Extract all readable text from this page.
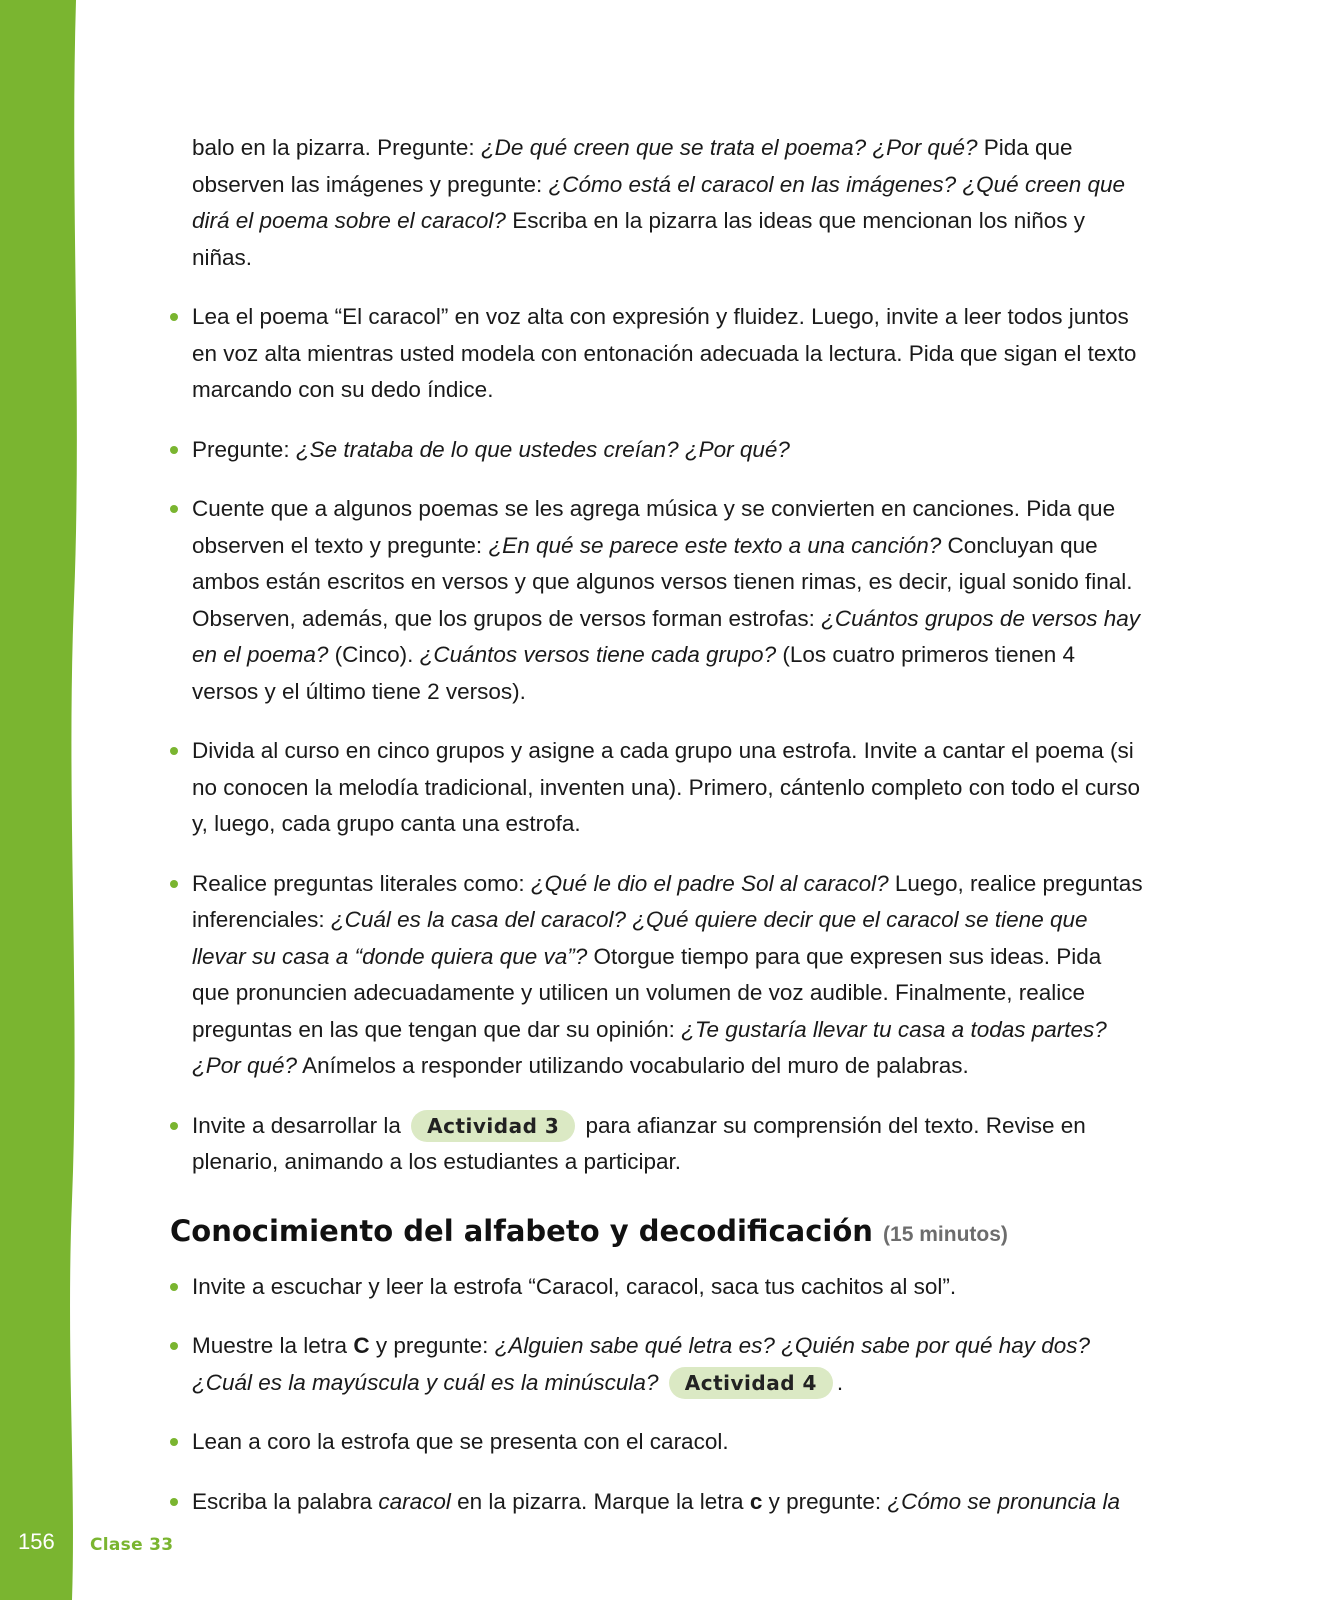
balo en la pizarra. Pregunte: ¿De qué creen que se trata el poema? ¿Por qué? Pida que observen las imágenes y pregunte: ¿Cómo está el caracol en las imágenes? ¿Qué creen que dirá el poema sobre el caracol? Escriba en la pizarra las ideas que mencionan los niños y niñas.

Lea el poema “El caracol” en voz alta con expresión y fluidez. Luego, invite a leer todos juntos en voz alta mientras usted modela con entonación adecuada la lectura. Pida que sigan el texto marcando con su dedo índice.
Pregunte: ¿Se trataba de lo que ustedes creían? ¿Por qué?
Cuente que a algunos poemas se les agrega música y se convierten en canciones. Pida que observen el texto y pregunte: ¿En qué se parece este texto a una canción? Concluyan que ambos están escritos en versos y que algunos versos tienen rimas, es decir, igual sonido final. Observen, además, que los grupos de versos forman estrofas: ¿Cuántos grupos de versos hay en el poema? (Cinco). ¿Cuántos versos tiene cada grupo? (Los cuatro primeros tienen 4 versos y el último tiene 2 versos).
Divida al curso en cinco grupos y asigne a cada grupo una estrofa. Invite a cantar el poema (si no conocen la melodía tradicional, inventen una). Primero, cántenlo completo con todo el curso y, luego, cada grupo canta una estrofa.
Realice preguntas literales como: ¿Qué le dio el padre Sol al caracol? Luego, realice preguntas inferenciales: ¿Cuál es la casa del caracol? ¿Qué quiere decir que el caracol se tiene que llevar su casa a “donde quiera que va”? Otorgue tiempo para que expresen sus ideas. Pida que pronuncien adecuadamente y utilicen un volumen de voz audible. Finalmente, realice preguntas en las que tengan que dar su opinión: ¿Te gustaría llevar tu casa a todas partes? ¿Por qué? Anímelos a responder utilizando vocabulario del muro de palabras.
Invite a desarrollar la Actividad 3 para afianzar su comprensión del texto. Revise en plenario, animando a los estudiantes a participar.
Conocimiento del alfabeto y decodificación (15 minutos)
Invite a escuchar y leer la estrofa “Caracol, caracol, saca tus cachitos al sol”.
Muestre la letra C y pregunte: ¿Alguien sabe qué letra es? ¿Quién sabe por qué hay dos? ¿Cuál es la mayúscula y cuál es la minúscula? Actividad 4 .
Lean a coro la estrofa que se presenta con el caracol.
Escriba la palabra caracol en la pizarra. Marque la letra c y pregunte: ¿Cómo se pronuncia la
156 Clase 33
